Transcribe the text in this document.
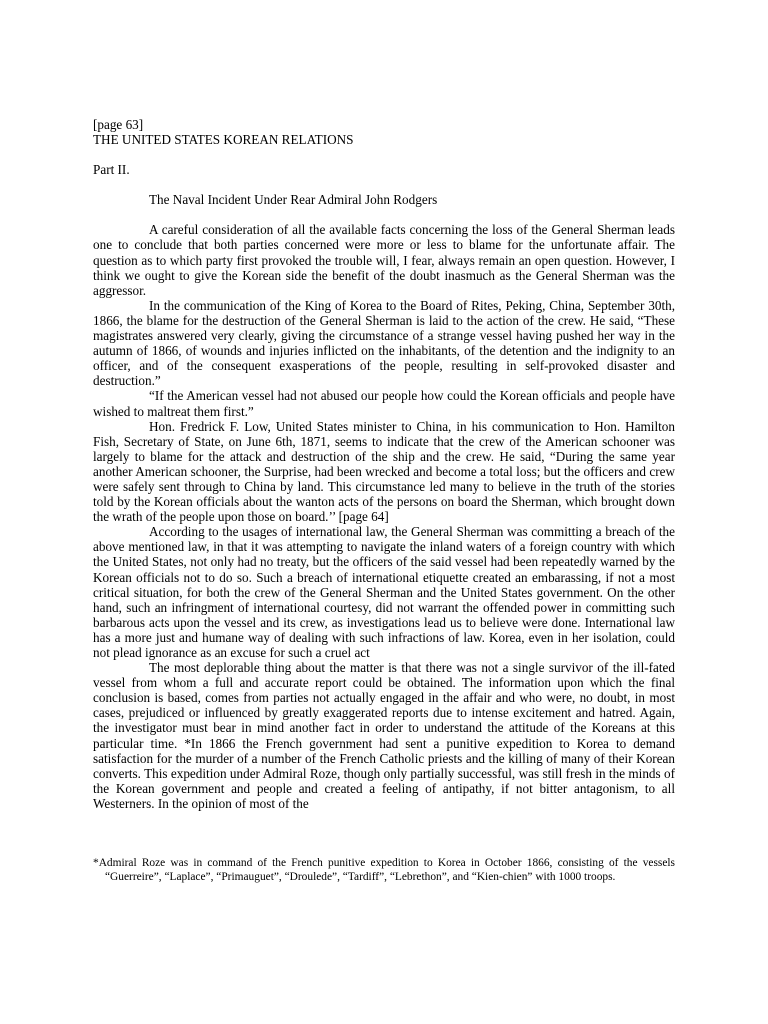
[page 63]
THE UNITED STATES KOREAN RELATIONS
Part II.
The Naval Incident Under Rear Admiral John Rodgers

A careful consideration of all the available facts concerning the loss of the General Sherman leads one to conclude that both parties concerned were more or less to blame for the unfortunate affair. The question as to which party first provoked the trouble will, I fear, always remain an open question. However, I think we ought to give the Korean side the benefit of the doubt inasmuch as the General Sherman was the aggressor.

In the communication of the King of Korea to the Board of Rites, Peking, China, September 30th, 1866, the blame for the destruction of the General Sherman is laid to the action of the crew. He said, “These magistrates answered very clearly, giving the circumstance of a strange vessel having pushed her way in the autumn of 1866, of wounds and injuries inflicted on the inhabitants, of the detention and the indignity to an officer, and of the consequent exasperations of the people, resulting in self-provoked disaster and destruction.”

“If the American vessel had not abused our people how could the Korean officials and people have wished to maltreat them first.”

Hon. Fredrick F. Low, United States minister to China, in his communication to Hon. Hamilton Fish, Secretary of State, on June 6th, 1871, seems to indicate that the crew of the American schooner was largely to blame for the attack and destruction of the ship and the crew. He said, “During the same year another American schooner, the Surprise, had been wrecked and become a total loss; but the officers and crew were safely sent through to China by land. This circumstance led many to believe in the truth of the stories told by the Korean officials about the wanton acts of the persons on board the Sherman, which brought down the wrath of the people upon those on board.’’ [page 64]

According to the usages of international law, the General Sherman was committing a breach of the above mentioned law, in that it was attempting to navigate the inland waters of a foreign country with which the United States, not only had no treaty, but the officers of the said vessel had been repeatedly warned by the Korean officials not to do so. Such a breach of international etiquette created an embarassing, if not a most critical situation, for both the crew of the General Sherman and the United States government. On the other hand, such an infringment of international courtesy, did not warrant the offended power in committing such barbarous acts upon the vessel and its crew, as investigations lead us to believe were done. International law has a more just and humane way of dealing with such infractions of law. Korea, even in her isolation, could not plead ignorance as an excuse for such a cruel act

The most deplorable thing about the matter is that there was not a single survivor of the ill-fated vessel from whom a full and accurate report could be obtained. The information upon which the final conclusion is based, comes from parties not actually engaged in the affair and who were, no doubt, in most cases, prejudiced or influenced by greatly exaggerated reports due to intense excitement and hatred. Again, the investigator must bear in mind another fact in order to understand the attitude of the Koreans at this particular time. *In 1866 the French government had sent a punitive expedition to Korea to demand satisfaction for the murder of a number of the French Catholic priests and the killing of many of their Korean converts. This expedition under Admiral Roze, though only partially successful, was still fresh in the minds of the Korean government and people and created a feeling of antipathy, if not bitter antagonism, to all Westerners. In the opinion of most of the

*Admiral Roze was in command of the French punitive expedition to Korea in October 1866, consisting of the vessels “Guerreire”, “Laplace”, “Primauguet”, “Droulede”, “Tardiff”, “Lebrethon”, and “Kien-chien” with 1000 troops.
